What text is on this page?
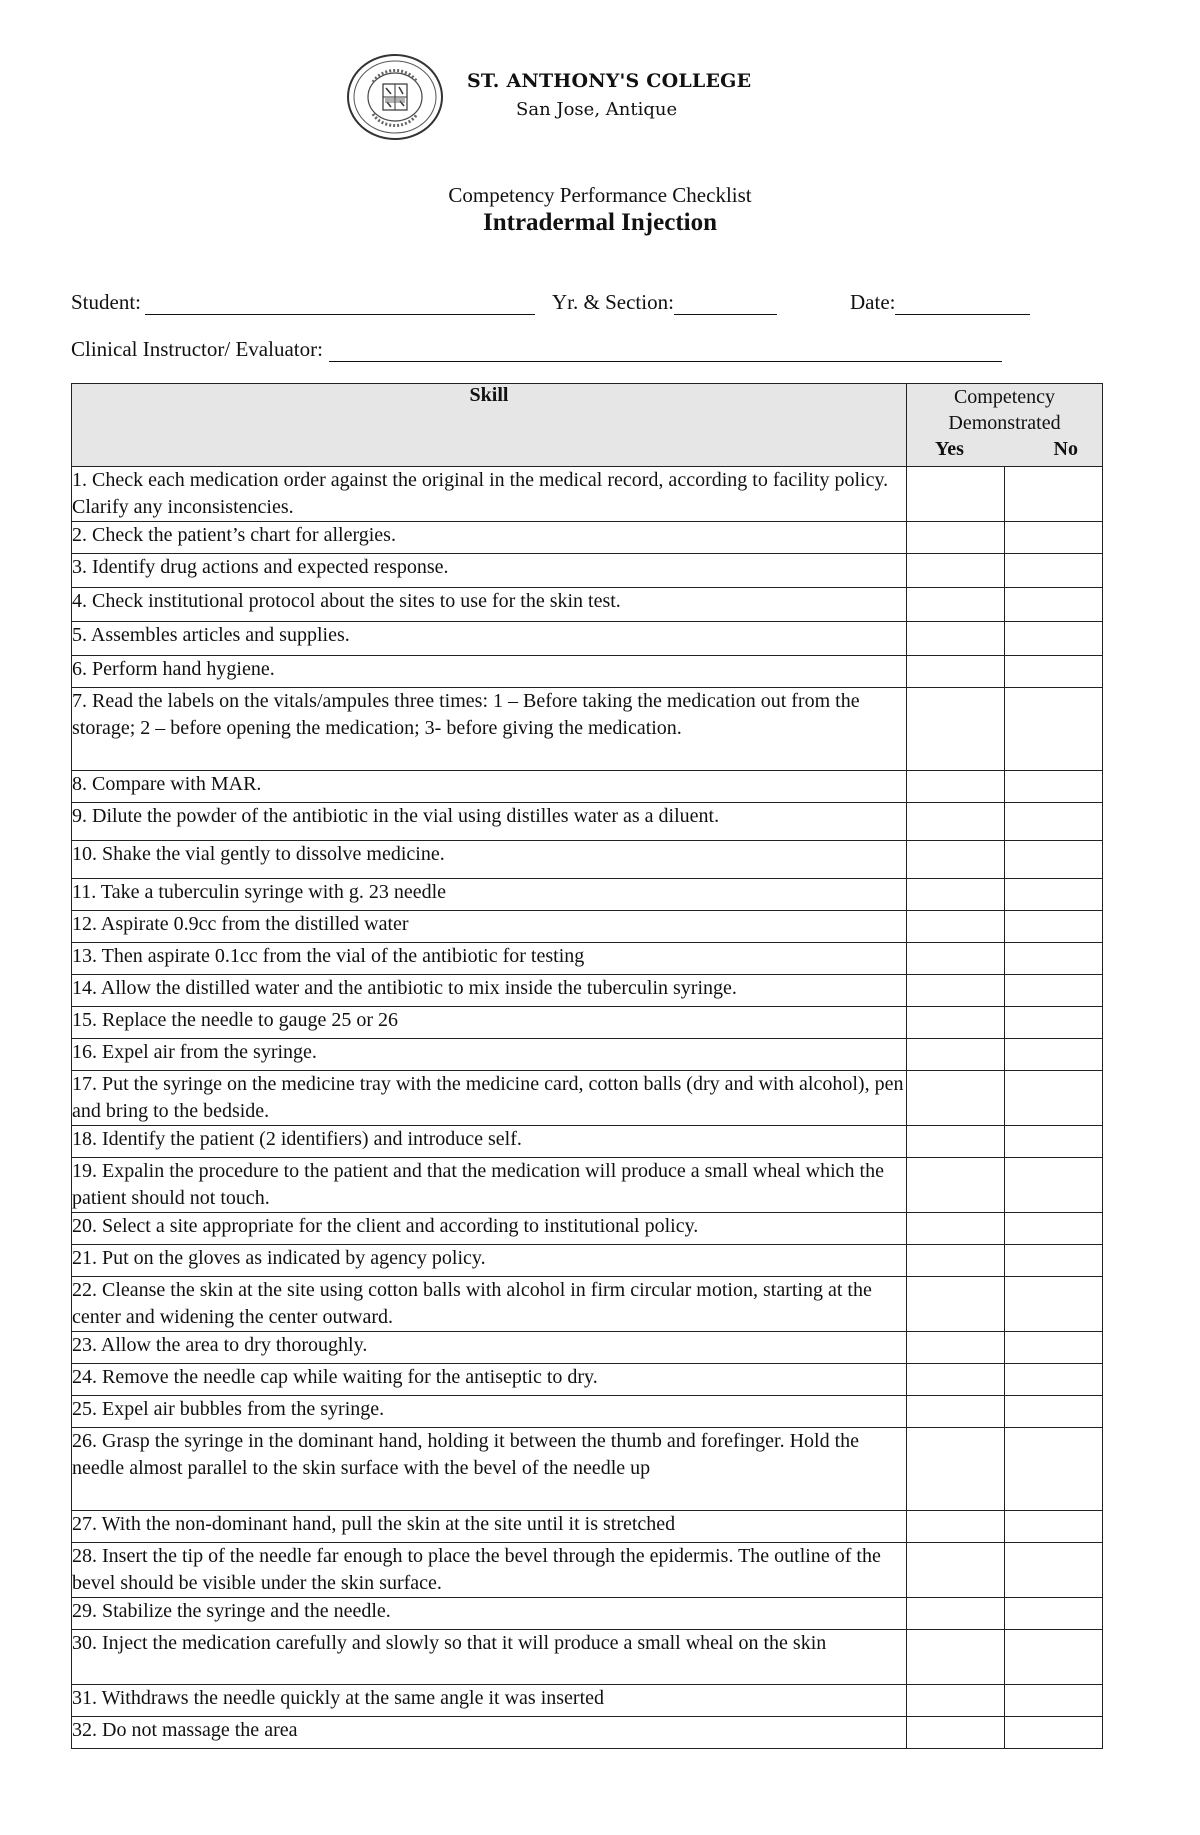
ST. ANTHONY'S COLLEGE
San Jose, Antique
Competency Performance Checklist
Intradermal Injection
Student:	Yr. & Section:	Date:
Clinical Instructor/ Evaluator:
Skill	Competency
Demonstrated
Yes No	

1. Check each medication order against the original in the medical record, according to facility policy. Clarify any inconsistencies.		
2. Check the patient’s chart for allergies.		
3. Identify drug actions and expected response.		
4. Check institutional protocol about the sites to use for the skin test.		
5. Assembles articles and supplies.		
6. Perform hand hygiene.		
7. Read the labels on the vitals/ampules three times: 1 – Before taking the medication out from the storage; 2 – before opening the medication; 3- before giving the medication.		
8. Compare with MAR.		
9. Dilute the powder of the antibiotic in the vial using distilles water as a diluent.		
10. Shake the vial gently to dissolve medicine.		
11. Take a tuberculin syringe with g. 23 needle		
12. Aspirate 0.9cc from the distilled water		
13. Then aspirate 0.1cc from the vial of the antibiotic for testing		
14. Allow the distilled water and the antibiotic to mix inside the tuberculin syringe.		
15. Replace the needle to gauge 25 or 26		
16. Expel air from the syringe.		
17. Put the syringe on the medicine tray with the medicine card, cotton balls (dry and with alcohol), pen and bring to the bedside.		
18. Identify the patient (2 identifiers) and introduce self.		
19. Expalin the procedure to the patient and that the medication will produce a small wheal which the patient should not touch.		
20. Select a site appropriate for the client and according to institutional policy.		
21. Put on the gloves as indicated by agency policy.		
22. Cleanse the skin at the site using cotton balls with alcohol in firm circular motion, starting at the center and widening the center outward.		
23. Allow the area to dry thoroughly.		
24. Remove the needle cap while waiting for the antiseptic to dry.		
25. Expel air bubbles from the syringe.		
26. Grasp the syringe in the dominant hand, holding it between the thumb and forefinger. Hold the needle almost parallel to the skin surface with the bevel of the needle up		
27. With the non-dominant hand, pull the skin at the site until it is stretched		
28. Insert the tip of the needle far enough to place the bevel through the epidermis. The outline of the bevel should be visible under the skin surface.		
29. Stabilize the syringe and the needle.		
30. Inject the medication carefully and slowly so that it will produce a small wheal on the skin		
31. Withdraws the needle quickly at the same angle it was inserted		
32. Do not massage the area		
